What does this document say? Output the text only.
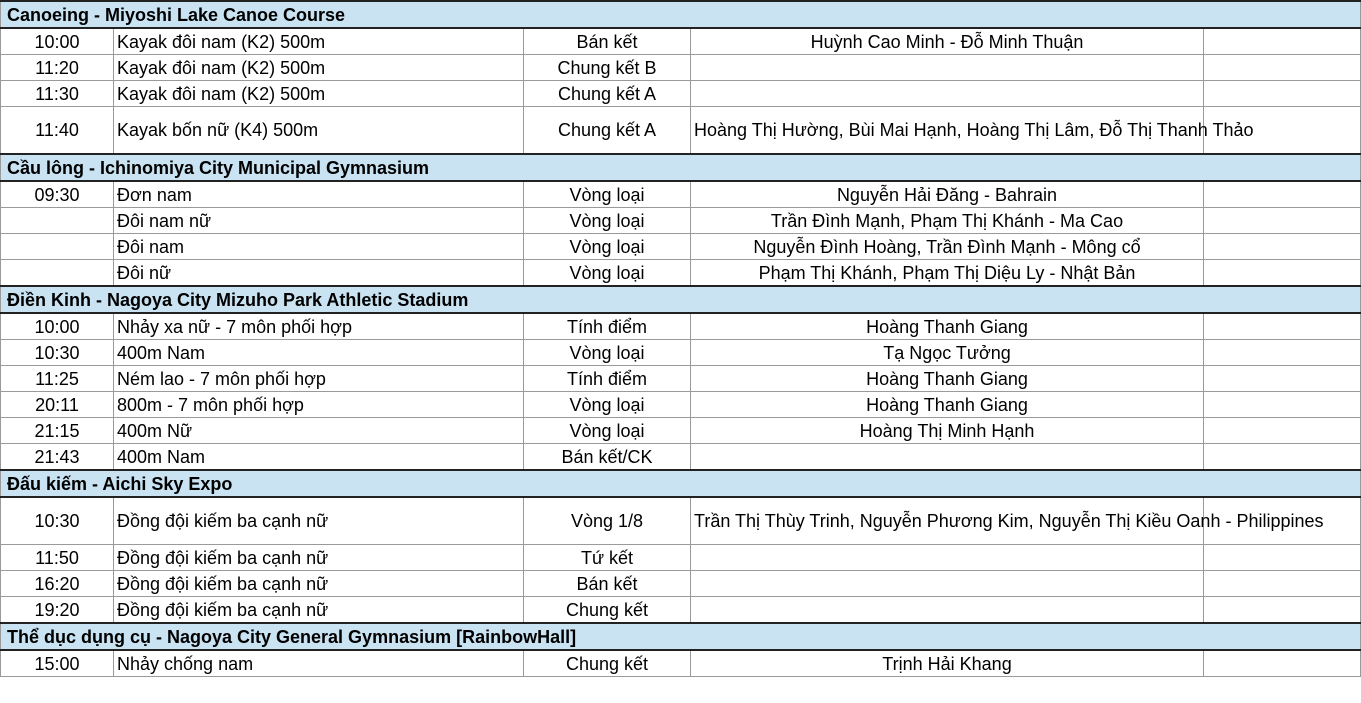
Canoeing - Miyoshi Lake Canoe Course				
10:00	Kayak đôi nam (K2) 500m	Bán kết	Huỳnh Cao Minh - Đỗ Minh Thuận	
11:20	Kayak đôi nam (K2) 500m	Chung kết B		
11:30	Kayak đôi nam (K2) 500m	Chung kết A		
11:40	Kayak bốn nữ (K4) 500m	Chung kết A	Hoàng Thị Hường, Bùi Mai Hạnh, Hoàng Thị Lâm, Đỗ Thị Thanh Thảo	
Cầu lông - Ichinomiya City Municipal Gymnasium				
09:30	Đơn nam	Vòng loại	Nguyễn Hải Đăng - Bahrain	
	Đôi nam nữ	Vòng loại	Trần Đình Mạnh, Phạm Thị Khánh - Ma Cao	
	Đôi nam	Vòng loại	Nguyễn Đình Hoàng, Trần Đình Mạnh - Mông cổ	
	Đôi nữ	Vòng loại	Phạm Thị Khánh, Phạm Thị Diệu Ly - Nhật Bản	
Điền Kinh - Nagoya City Mizuho Park Athletic Stadium				
10:00	Nhảy xa nữ - 7 môn phối hợp	Tính điểm	Hoàng Thanh Giang	
10:30	400m Nam	Vòng loại	Tạ Ngọc Tưởng	
11:25	Ném lao - 7 môn phối hợp	Tính điểm	Hoàng Thanh Giang	
20:11	800m - 7 môn phối hợp	Vòng loại	Hoàng Thanh Giang	
21:15	400m Nữ	Vòng loại	Hoàng Thị Minh Hạnh	
21:43	400m Nam	Bán kết/CK		
Đấu kiếm - Aichi Sky Expo				
10:30	Đồng đội kiếm ba cạnh nữ	Vòng 1/8	Trần Thị Thùy Trinh, Nguyễn Phương Kim, Nguyễn Thị Kiều Oanh - Philippines	
11:50	Đồng đội kiếm ba cạnh nữ	Tứ kết		
16:20	Đồng đội kiếm ba cạnh nữ	Bán kết		
19:20	Đồng đội kiếm ba cạnh nữ	Chung kết		
Thể dục dụng cụ - Nagoya City General Gymnasium [RainbowHall]				
15:00	Nhảy chống nam	Chung kết	Trịnh Hải Khang	
